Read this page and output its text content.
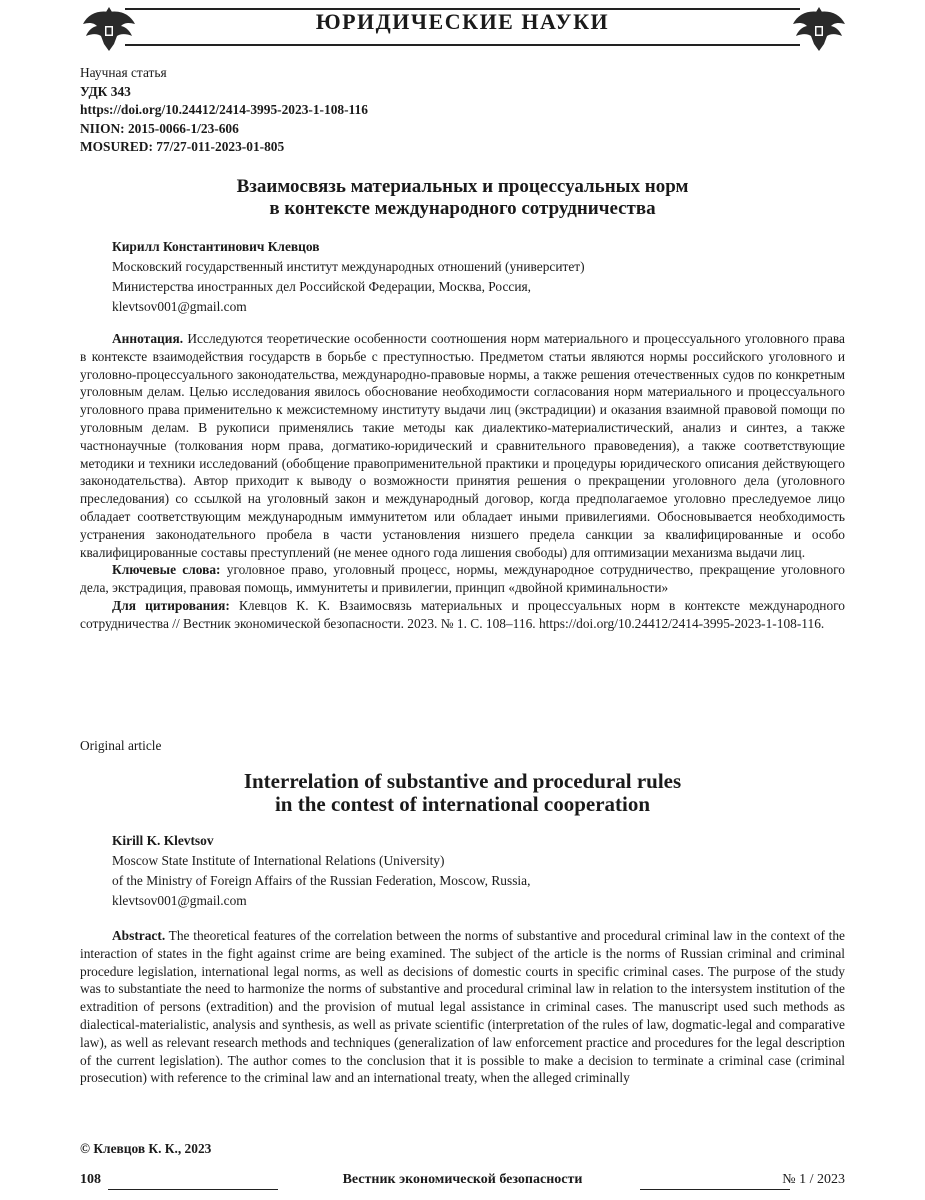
ЮРИДИЧЕСКИЕ НАУКИ
Научная статья
УДК 343
https://doi.org/10.24412/2414-3995-2023-1-108-116
NIION: 2015-0066-1/23-606
MOSURED: 77/27-011-2023-01-805
Взаимосвязь материальных и процессуальных норм
в контексте международного сотрудничества
Кирилл Константинович Клевцов
Московский государственный институт международных отношений (университет)
Министерства иностранных дел Российской Федерации, Москва, Россия,
klevtsov001@gmail.com

Аннотация. Исследуются теоретические особенности соотношения норм материального и процессуального уголовного права в контексте взаимодействия государств в борьбе с преступностью. Предметом статьи являются нормы российского уголовного и уголовно-процессуального законодательства, международно-правовые нормы, а также решения отечественных судов по конкретным уголовным делам. Целью исследования явилось обоснование необходимости согласования норм материального и процессуального уголовного права применительно к межсистемному институту выдачи лиц (экстрадиции) и оказания взаимной правовой помощи по уголовным делам. В рукописи применялись такие методы как диалектико-материалистический, анализ и синтез, а также частнонаучные (толкования норм права, догматико-юридический и сравнительного правоведения), а также соответствующие методики и техники исследований (обобщение правоприменительной практики и процедуры юридического описания действующего законодательства). Автор приходит к выводу о возможности принятия решения о прекращении уголовного дела (уголовного преследования) со ссылкой на уголовный закон и международный договор, когда предполагаемое уголовно преследуемое лицо обладает соответствующим международным иммунитетом или обладает иными привилегиями. Обосновывается необходимость устранения законодательного пробела в части установления низшего предела санкции за квалифицированные и особо квалифицированные составы преступлений (не менее одного года лишения свободы) для оптимизации механизма выдачи лиц.

Ключевые слова: уголовное право, уголовный процесс, нормы, международное сотрудничество, прекращение уголовного дела, экстрадиция, правовая помощь, иммунитеты и привилегии, принцип «двойной криминальности»

Для цитирования: Клевцов К. К. Взаимосвязь материальных и процессуальных норм в контексте международного сотрудничества // Вестник экономической безопасности. 2023. № 1. С. 108–116. https://doi.org/10.24412/2414-3995-2023-1-108-116.

Original article
Interrelation of substantive and procedural rules
in the contest of international cooperation
Kirill K. Klevtsov
Moscow State Institute of International Relations (University)
of the Ministry of Foreign Affairs of the Russian Federation, Moscow, Russia,
klevtsov001@gmail.com

Abstract. The theoretical features of the correlation between the norms of substantive and procedural criminal law in the context of the interaction of states in the fight against crime are being examined. The subject of the article is the norms of Russian criminal and criminal procedure legislation, international legal norms, as well as decisions of domestic courts in specific criminal cases. The purpose of the study was to substantiate the need to harmonize the norms of substantive and procedural criminal law in relation to the intersystem institution of the extradition of persons (extradition) and the provision of mutual legal assistance in criminal cases. The manuscript used such methods as dialectical-materialistic, analysis and synthesis, as well as private scientific (interpretation of the rules of law, dogmatic-legal and comparative law), as well as relevant research methods and techniques (generalization of law enforcement practice and procedures for the legal description of the current legislation). The author comes to the conclusion that it is possible to make a decision to terminate a criminal case (criminal prosecution) with reference to the criminal law and an international treaty, when the alleged criminally

© Клевцов К. К., 2023
108	Вестник экономической безопасности	№ 1 / 2023
